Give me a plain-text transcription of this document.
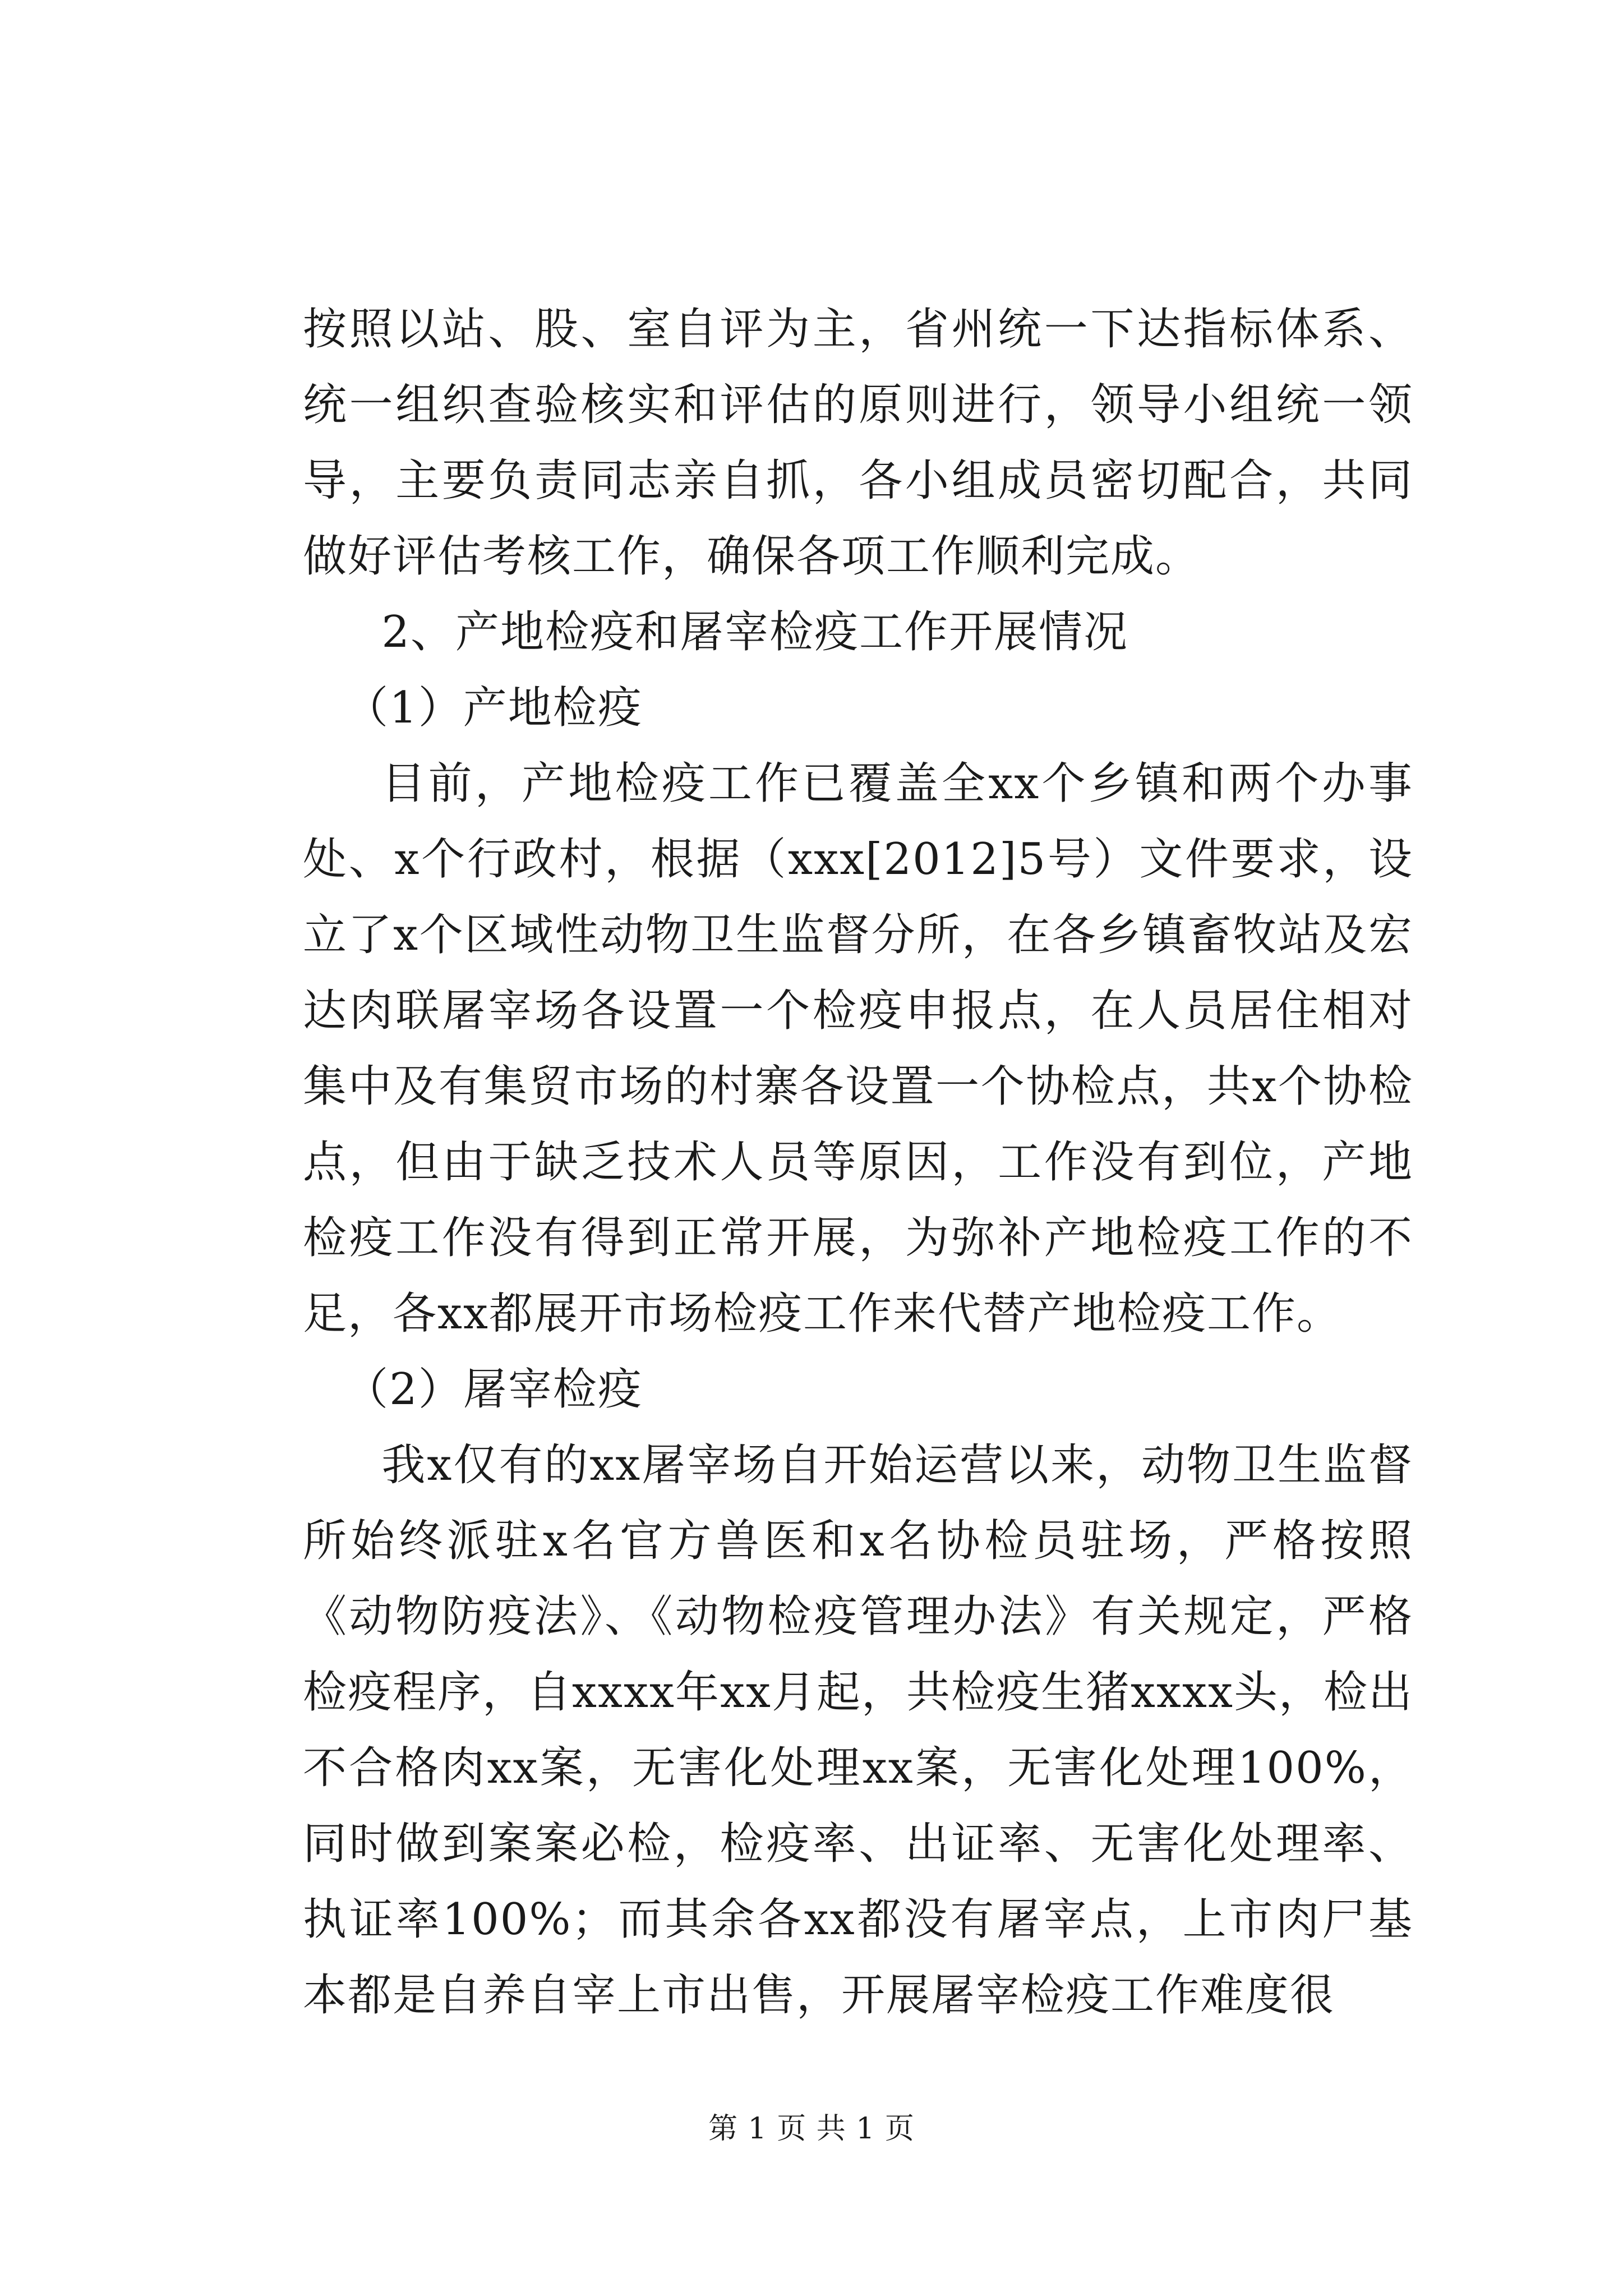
按照以站、股、室自评为主，省州统一下达指标体系、统一组织查验核实和评估的原则进行，领导小组统一领导，主要负责同志亲自抓，各小组成员密切配合，共同做好评估考核工作，确保各项工作顺利完成。

2、产地检疫和屠宰检疫工作开展情况

（1）产地检疫

目前，产地检疫工作已覆盖全xx个乡镇和两个办事处、x个行政村，根据（xxx[2012]5号）文件要求，设立了x个区域性动物卫生监督分所，在各乡镇畜牧站及宏达肉联屠宰场各设置一个检疫申报点，在人员居住相对集中及有集贸市场的村寨各设置一个协检点，共x个协检点，但由于缺乏技术人员等原因，工作没有到位，产地检疫工作没有得到正常开展，为弥补产地检疫工作的不足，各xx都展开市场检疫工作来代替产地检疫工作。

（2）屠宰检疫

我x仅有的xx屠宰场自开始运营以来，动物卫生监督所始终派驻x名官方兽医和x名协检员驻场，严格按照《动物防疫法》、《动物检疫管理办法》有关规定，严格检疫程序，自xxxx年xx月起，共检疫生猪xxxx头，检出不合格肉xx案，无害化处理xx案，无害化处理100%，同时做到案案必检，检疫率、出证率、无害化处理率、执证率100%；而其余各xx都没有屠宰点，上市肉尸基本都是自养自宰上市出售，开展屠宰检疫工作难度很

第 1 页 共 1 页
